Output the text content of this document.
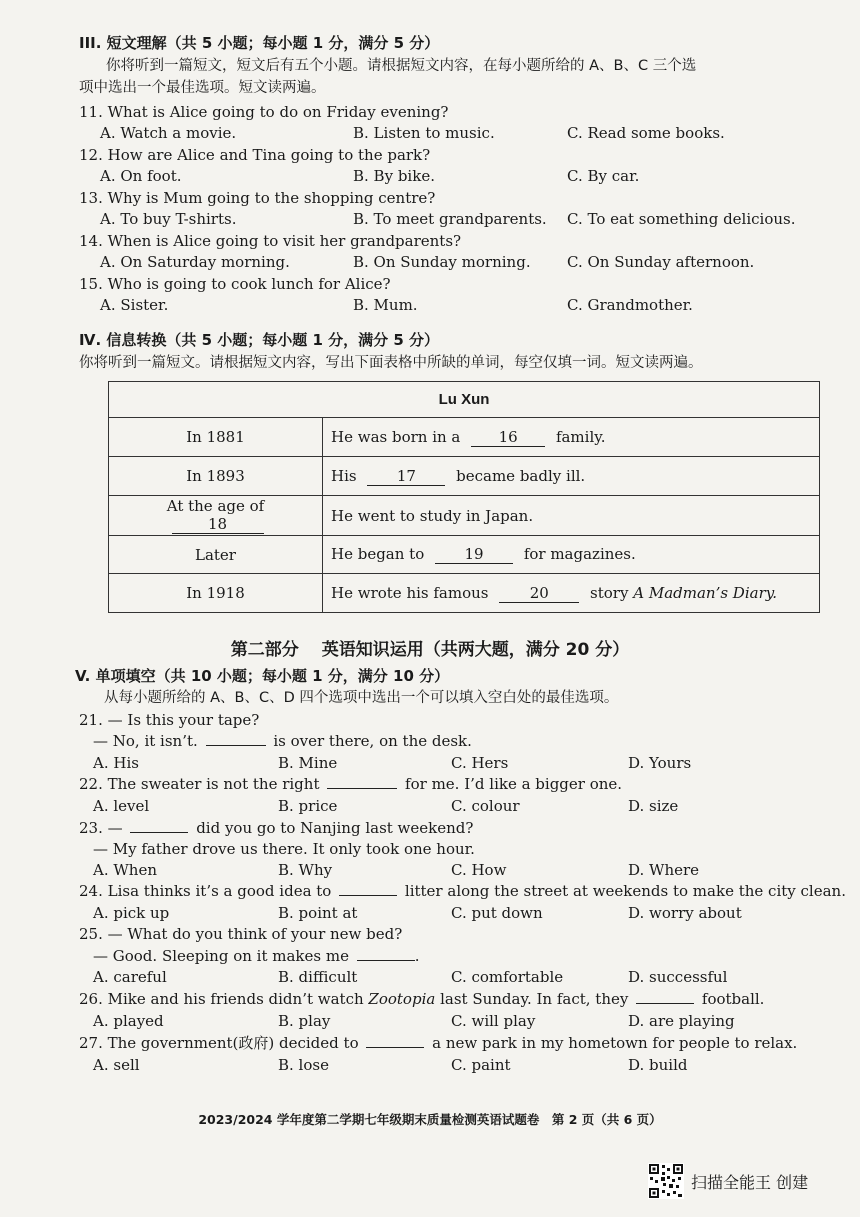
III. 短文理解（共 5 小题；每小题 1 分，满分 5 分）
你将听到一篇短文，短文后有五个小题。请根据短文内容，在每小题所给的 A、B、C 三个选
项中选出一个最佳选项。短文读两遍。
11. What is Alice going to do on Friday evening?
A. Watch a movie.	B. Listen to music.	C. Read some books.
12. How are Alice and Tina going to the park?
A. On foot.	B. By bike.	C. By car.
13. Why is Mum going to the shopping centre?
A. To buy T-shirts.	B. To meet grandparents. C. To eat something delicious.
14. When is Alice going to visit her grandparents?
A. On Saturday morning.	B. On Sunday morning. C. On Sunday afternoon.
15. Who is going to cook lunch for Alice?
A. Sister.	B. Mum.	C. Grandmother.
Ⅳ. 信息转换（共 5 小题；每小题 1 分，满分 5 分）
你将听到一篇短文。请根据短文内容，写出下面表格中所缺的单词，每空仅填一词。短文读两遍。
Lu Xun	
In 1881	He was born in a 16 family.
In 1893	His 17 became badly ill.
At the age of 18	He went to study in Japan.
Later	He began to 19 for magazines.
In 1918	He wrote his famous 20 story A Madman’s Diary.
第二部分　 英语知识运用（共两大题，满分 20 分）
V. 单项填空（共 10 小题；每小题 1 分，满分 10 分）
从每小题所给的 A、B、C、D 四个选项中选出一个可以填入空白处的最佳选项。
21. — Is this your tape?
— No, it isn’t.	is over there, on the desk.
A. His	B. Mine	C. Hers	D. Yours
22. The sweater is not the right	for me. I’d like a bigger one.
A. level	B. price	C. colour	D. size
23. —	did you go to Nanjing last weekend?
— My father drove us there. It only took one hour.
A. When	B. Why	C. How	D. Where
24. Lisa thinks it’s a good idea to	litter along the street at weekends to make the city clean.
A. pick up	B. point at	C. put down	D. worry about
25. — What do you think of your new bed?
— Good. Sleeping on it makes me	.
A. careful	B. difficult	C. comfortable	D. successful
26. Mike and his friends didn’t watch Zootopia last Sunday. In fact, they	football.
A. played	B. play	C. will play	D. are playing
27. The government(政府) decided to	a new park in my hometown for people to relax.
A. sell	B. lose	C. paint	D. build
2023/2024 学年度第二学期七年级期末质量检测英语试题卷　第 2 页（共 6 页）
扫描全能王 创建
